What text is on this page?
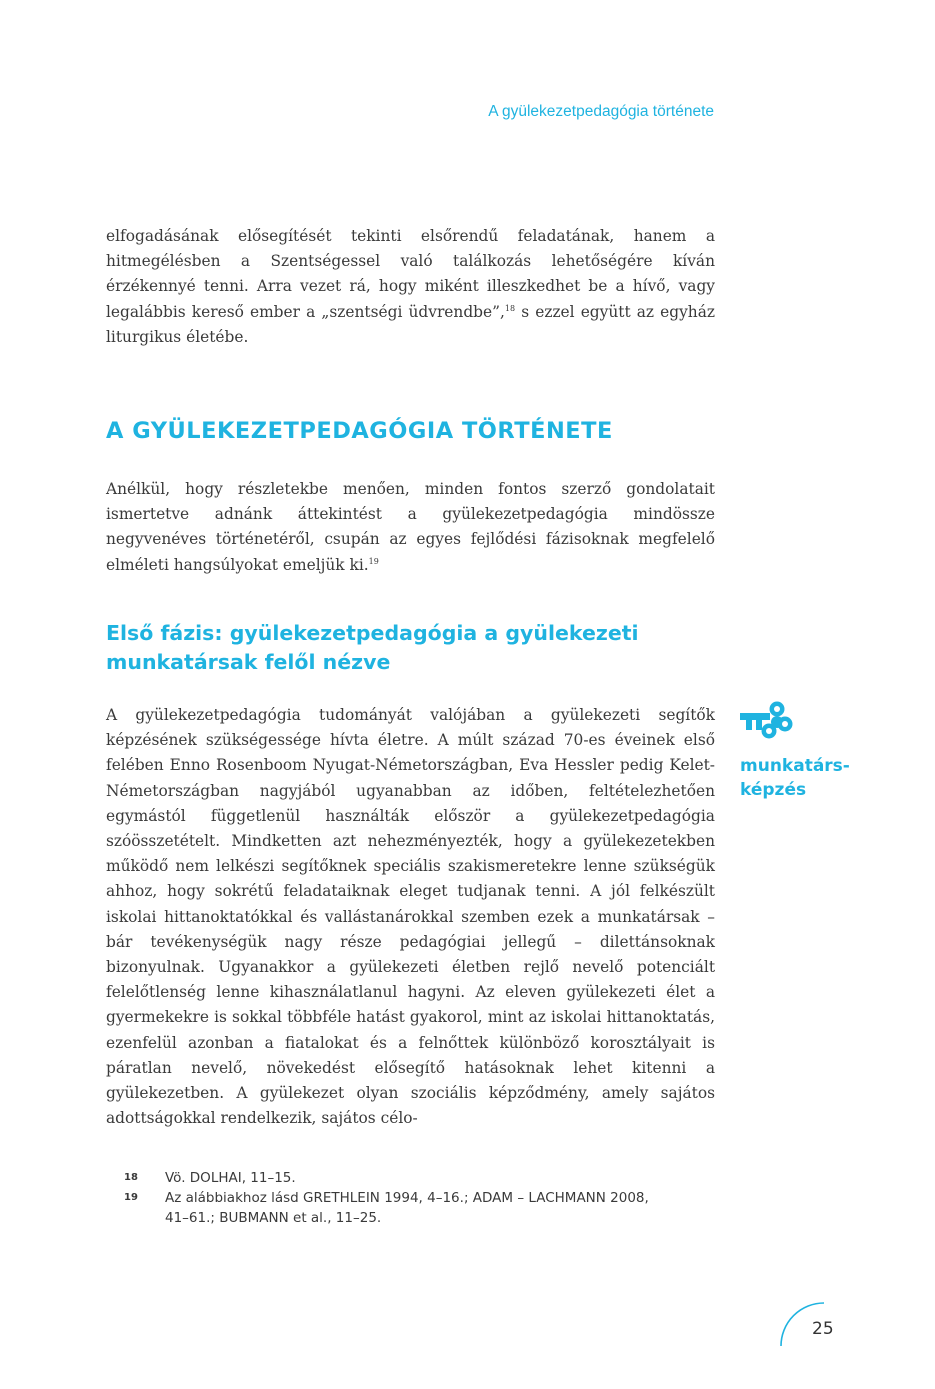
A gyülekezetpedagógia története

elfogadásának elősegítését tekinti elsőrendű feladatának, hanem a hitmegélésben a Szentségessel való találkozás lehetőségére kíván érzékennyé tenni. Arra vezet rá, hogy miként illeszkedhet be a hívő, vagy legalábbis kereső ember a „szentségi üdvrendbe”,$^{18}$ s ezzel együtt az egyház liturgikus életébe.

A GYÜLEKEZETPEDAGÓGIA TÖRTÉNETE

Anélkül, hogy részletekbe menően, minden fontos szerző gondolatait ismertetve adnánk áttekintést a gyülekezetpedagógia mindössze negyvenéves történetéről, csupán az egyes fejlődési fázisoknak megfelelő elméleti hangsúlyokat emeljük ki.$^{19}$

Első fázis: gyülekezetpedagógia a gyülekezeti
munkatársak felől nézve

A gyülekezetpedagógia tudományát valójában a gyülekezeti segítők képzésének szükségessége hívta életre. A múlt század 70-es éveinek első felében Enno Rosenboom Nyugat-Németországban, Eva Hessler pedig Kelet-Németországban nagyjából ugyanabban az időben, feltételezhetően egymástól függetlenül használták először a gyülekezetpedagógia szóösszetételt. Mindketten azt nehezményezték, hogy a gyülekezetekben működő nem lelkészi segítőknek speciális szakismeretekre lenne szükségük ahhoz, hogy sokrétű feladataiknak eleget tudjanak tenni. A jól felkészült iskolai hittanoktatókkal és vallástanárokkal szemben ezek a munkatársak – bár tevékenységük nagy része pedagógiai jellegű – dilettánsoknak bizonyulnak. Ugyanakkor a gyülekezeti életben rejlő nevelő potenciált felelőtlenség lenne kihasználatlanul hagyni. Az eleven gyülekezeti élet a gyermekekre is sokkal többféle hatást gyakorol, mint az iskolai hittanoktatás, ezenfelül azonban a fiatalokat és a felnőttek különböző korosztályait is páratlan nevelő, növekedést elősegítő hatásoknak lehet kitenni a gyülekezetben. A gyülekezet olyan szociális képződmény, amely sajátos adottságokkal rendelkezik, sajátos célo-

munkatárs-
képzés
18 Vö. DOLHAI, 11–15.
19 Az alábbiakhoz lásd GRETHLEIN 1994, 4–16.; ADAM – LACHMANN 2008,
41–61.; BUBMANN et al., 11–25.
25
